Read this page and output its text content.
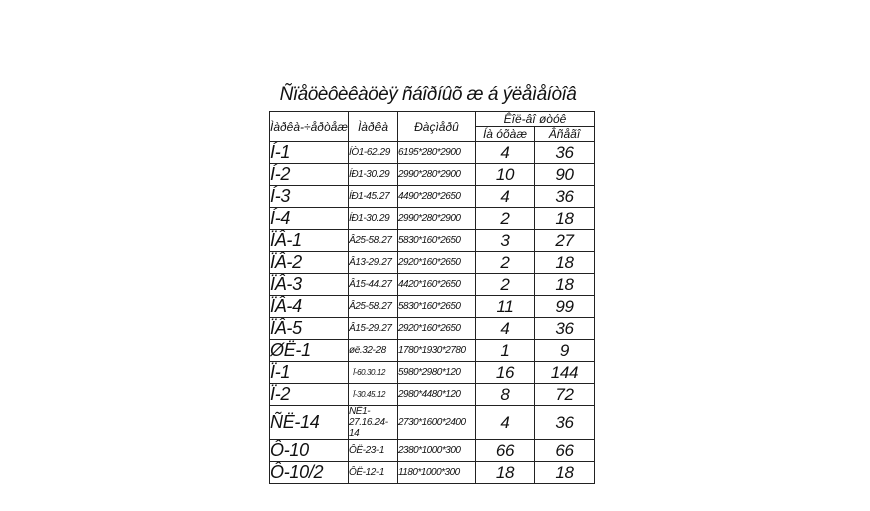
Ñïåöèôèêàöèÿ ñáîðíûõ æ á ýëåìåíòîâ
Ìàðêà-÷åðòåæ	Ìàðêà	Ðàçìåðû	Êîë-âî øòóê	
			Íà óõàæ	Âñåãî
Í-1	ÍÒ1-62.29	6195*280*2900	4	36
Í-2	ÍÐ1-30.29	2990*280*2900	10	90
Í-3	ÍÐ1-45.27	4490*280*2650	4	36
Í-4	ÍÐ1-30.29	2990*280*2900	2	18
ÏÂ-1	Â25-58.27	5830*160*2650	3	27
ÏÂ-2	Â13-29.27	2920*160*2650	2	18
ÏÂ-3	Â15-44.27	4420*160*2650	2	18
ÏÂ-4	Â25-58.27	5830*160*2650	11	99
ÏÂ-5	Â15-29.27	2920*160*2650	4	36
ØË-1	øë.32-28	1780*1930*2780	1	9
Ï-1	Ï-60.30.12	5980*2980*120	16	144
Ï-2	Ï-30.45.12	2980*4480*120	8	72
ÑË-14	ÑË1-27.16.24-14	2730*1600*2400	4	36
Ô-10	ÔË-23-1	2380*1000*300	66	66
Ô-10/2	ÔË-12-1	1180*1000*300	18	18
